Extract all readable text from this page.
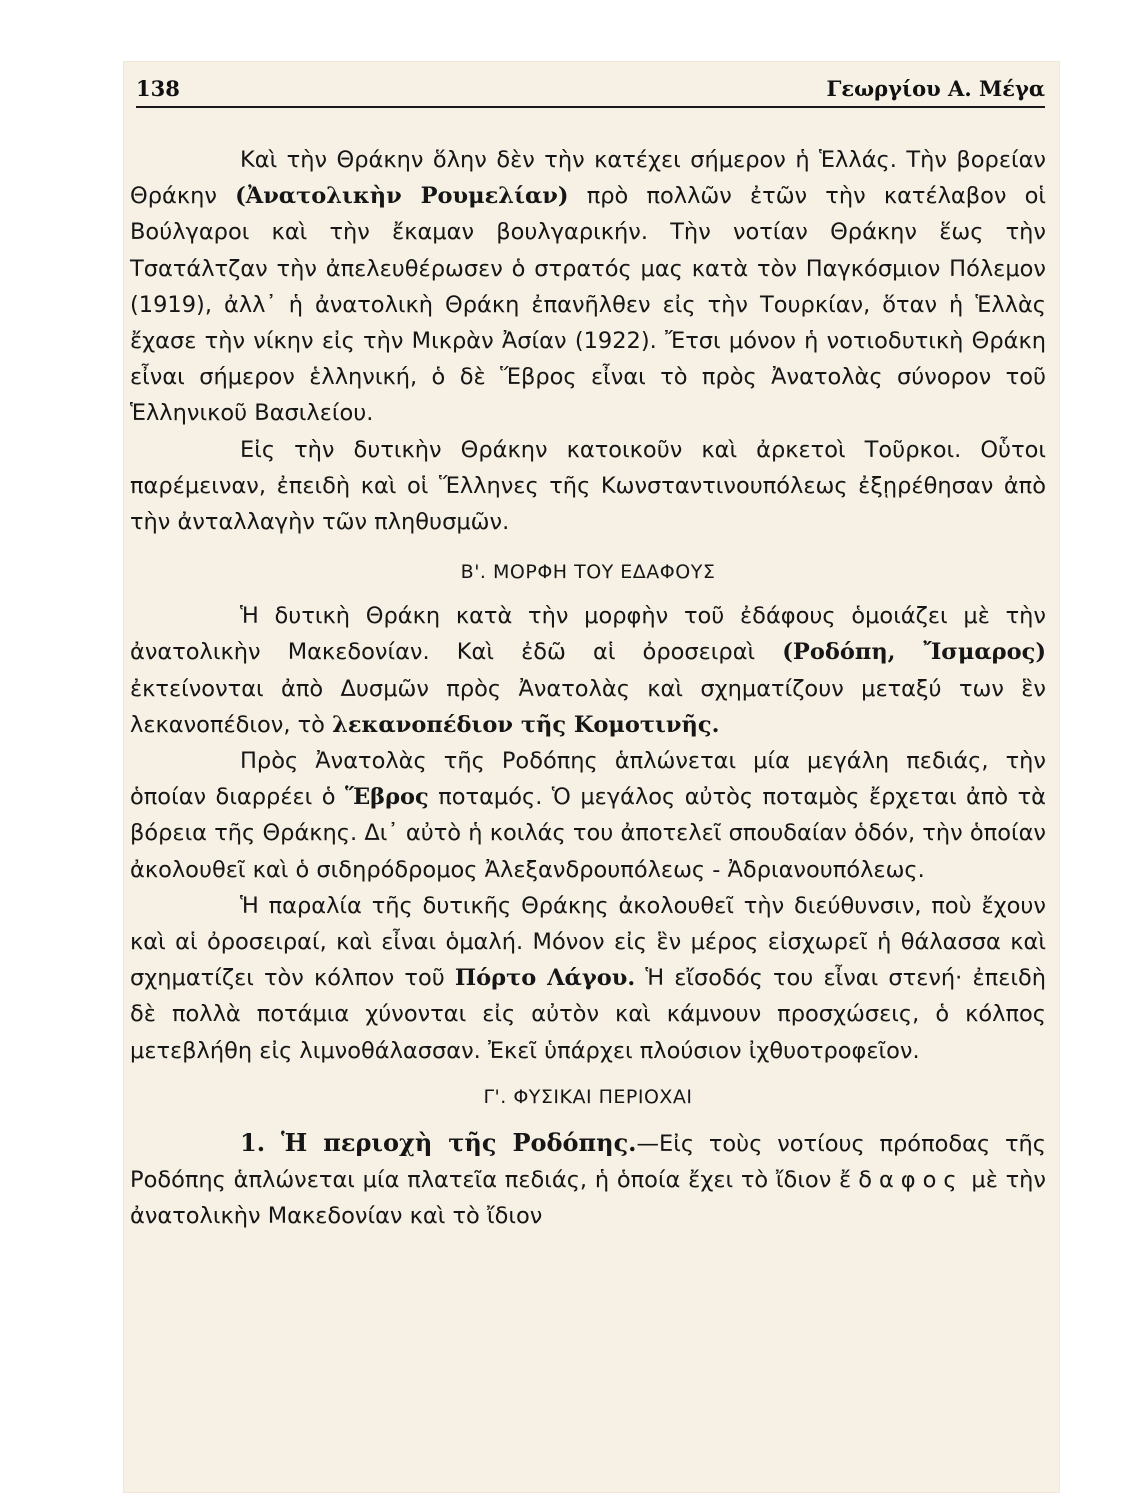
138	Γεωργίου Α. Μέγα

Καὶ τὴν Θράκην ὅλην δὲν τὴν κατέχει σήμερον ἡ Ἑλλάς. Τὴν βορείαν Θράκην (Ἀνατολικὴν Ρουμελίαν) πρὸ πολλῶν ἐτῶν τὴν κατέλαβον οἱ Βούλγαροι καὶ τὴν ἔκαμαν βουλγαρικήν. Τὴν νοτίαν Θράκην ἕως τὴν Τσατάλτζαν τὴν ἀπελευθέρωσεν ὁ στρατός μας κατὰ τὸν Παγκόσμιον Πόλεμον (1919), ἀλλ᾽ ἡ ἀνατολικὴ Θράκη ἐπανῆλθεν εἰς τὴν Τουρκίαν, ὅταν ἡ Ἑλλὰς ἔχασε τὴν νίκην εἰς τὴν Μικρὰν Ἀσίαν (1922). Ἔτσι μόνον ἡ νοτιοδυτικὴ Θράκη εἶναι σήμερον ἑλληνική, ὁ δὲ Ἕβρος εἶναι τὸ πρὸς Ἀνατολὰς σύνορον τοῦ Ἑλληνικοῦ Βασιλείου.

Εἰς τὴν δυτικὴν Θράκην κατοικοῦν καὶ ἀρκετοὶ Τοῦρκοι. Οὗτοι παρέμειναν, ἐπειδὴ καὶ οἱ Ἕλληνες τῆς Κωνσταντινουπόλεως ἐξῃρέθησαν ἀπὸ τὴν ἀνταλλαγὴν τῶν πληθυσμῶν.

Β'. ΜΟΡΦΗ ΤΟΥ ΕΔΑΦΟΥΣ

Ἡ δυτικὴ Θράκη κατὰ τὴν μορφὴν τοῦ ἐδάφους ὁμοιάζει μὲ τὴν ἀνατολικὴν Μακεδονίαν. Καὶ ἐδῶ αἱ ὀροσειραὶ (Ροδόπη, Ἴσμαρος) ἐκτείνονται ἀπὸ Δυσμῶν πρὸς Ἀνατολὰς καὶ σχηματίζουν μεταξύ των ἓν λεκανοπέδιον, τὸ λεκανοπέδιον τῆς Κομοτινῆς.

Πρὸς Ἀνατολὰς τῆς Ροδόπης ἁπλώνεται μία μεγάλη πεδιάς, τὴν ὁποίαν διαρρέει ὁ Ἕβρος ποταμός. Ὁ μεγάλος αὐτὸς ποταμὸς ἔρχεται ἀπὸ τὰ βόρεια τῆς Θράκης. Δι᾽ αὐτὸ ἡ κοιλάς του ἀποτελεῖ σπουδαίαν ὁδόν, τὴν ὁποίαν ἀκολουθεῖ καὶ ὁ σιδηρόδρομος Ἀλεξανδρουπόλεως - Ἀδριανουπόλεως.

Ἡ παραλία τῆς δυτικῆς Θράκης ἀκολουθεῖ τὴν διεύθυνσιν, ποὺ ἔχουν καὶ αἱ ὀροσειραί, καὶ εἶναι ὁμαλή. Μόνον εἰς ἓν μέρος εἰσχωρεῖ ἡ θάλασσα καὶ σχηματίζει τὸν κόλπον τοῦ Πόρτο Λάγου. Ἡ εἴσοδός του εἶναι στενή· ἐπειδὴ δὲ πολλὰ ποτάμια χύνονται εἰς αὐτὸν καὶ κάμνουν προσχώσεις, ὁ κόλπος μετεβλήθη εἰς λιμνοθάλασσαν. Ἐκεῖ ὑπάρχει πλούσιον ἰχθυοτροφεῖον.

Γ'. ΦΥΣΙΚΑΙ ΠΕΡΙΟΧΑΙ

1. Ἡ περιοχὴ τῆς Ροδόπης.—Εἰς τοὺς νοτίους πρόποδας τῆς Ροδόπης ἁπλώνεται μία πλατεῖα πεδιάς, ἡ ὁποία ἔχει τὸ ἴδιον ἔδαφος μὲ τὴν ἀνατολικὴν Μακεδονίαν καὶ τὸ ἴδιον
